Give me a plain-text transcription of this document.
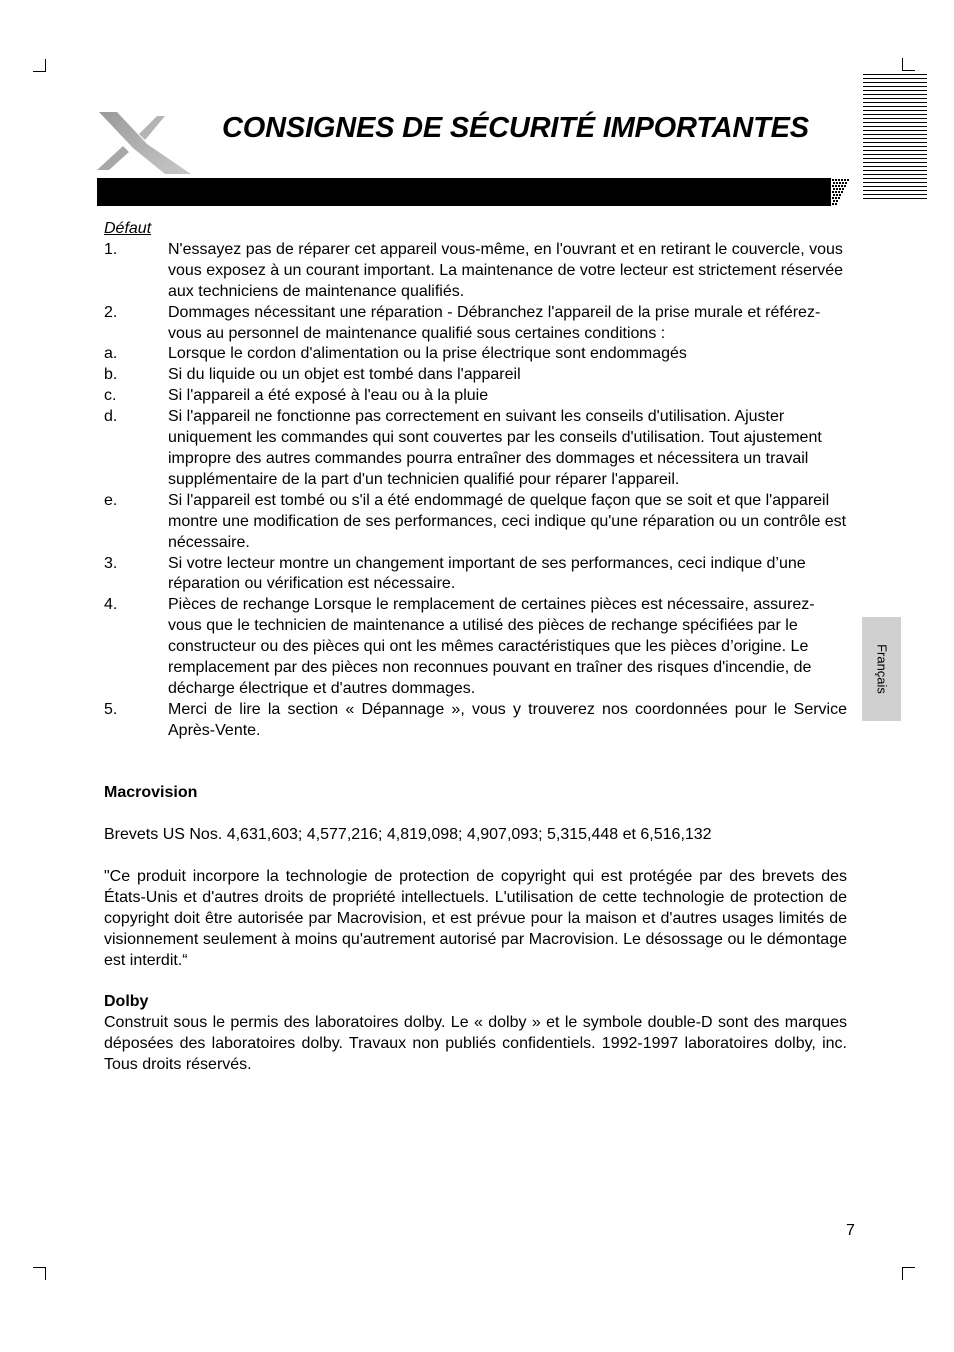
CONSIGNES DE SÉCURITÉ IMPORTANTES
Français

Défaut

1.	N'essayez pas de réparer cet appareil vous-même, en l'ouvrant et en retirant le couvercle, vous vous exposez à un courant important. La maintenance de votre lecteur est strictement réservée aux techniciens de maintenance qualifiés.
2.	Dommages nécessitant une réparation - Débranchez l'appareil de la prise murale et référez-vous au personnel de maintenance qualifié sous certaines conditions :
a.	Lorsque le cordon d'alimentation ou la prise électrique sont endommagés
b.	Si du liquide ou un objet est tombé dans l'appareil
c.	Si l'appareil a été exposé à l'eau ou à la pluie
d.	Si l'appareil ne fonctionne pas correctement en suivant les conseils d'utilisation. Ajuster uniquement les commandes qui sont couvertes par les conseils d'utilisation. Tout ajustement impropre des autres commandes pourra entraîner des dommages et nécessitera un travail supplémentaire de la part d'un technicien qualifié pour réparer l'appareil.
e.	Si l'appareil est tombé ou s'il a été endommagé de quelque façon que se soit et que l'appareil montre une modification de ses performances, ceci indique qu'une réparation ou un contrôle est nécessaire.
3.	Si votre lecteur montre un changement important de ses performances, ceci indique d’une réparation ou vérification est nécessaire.
4.	Pièces de rechange Lorsque le remplacement de certaines pièces est nécessaire, assurez-vous que le technicien de maintenance a utilisé des pièces de rechange spécifiées par le constructeur ou des pièces qui ont les mêmes caractéristiques que les pièces d’origine. Le remplacement par des pièces non reconnues pouvant en traîner des risques d'incendie, de décharge électrique et d'autres dommages.
5.	Merci de lire la section « Dépannage », vous y trouverez nos coordonnées pour le Service Après-Vente.

Macrovision

Brevets US Nos. 4,631,603; 4,577,216; 4,819,098; 4,907,093; 5,315,448 et 6,516,132

"Ce produit incorpore la technologie de protection de copyright qui est protégée par des brevets des États-Unis et d'autres droits de propriété intellectuels. L'utilisation de cette technologie de protection de copyright doit être autorisée par Macrovision, et est prévue pour la maison et d'autres usages limités de visionnement seulement à moins qu'autrement autorisé par Macrovision. Le désossage ou le démontage est interdit.“

Dolby

Construit sous le permis des laboratoires dolby. Le « dolby » et le symbole double-D sont des marques déposées des laboratoires dolby. Travaux non publiés confidentiels. 1992-1997 laboratoires dolby, inc. Tous droits réservés.

7
